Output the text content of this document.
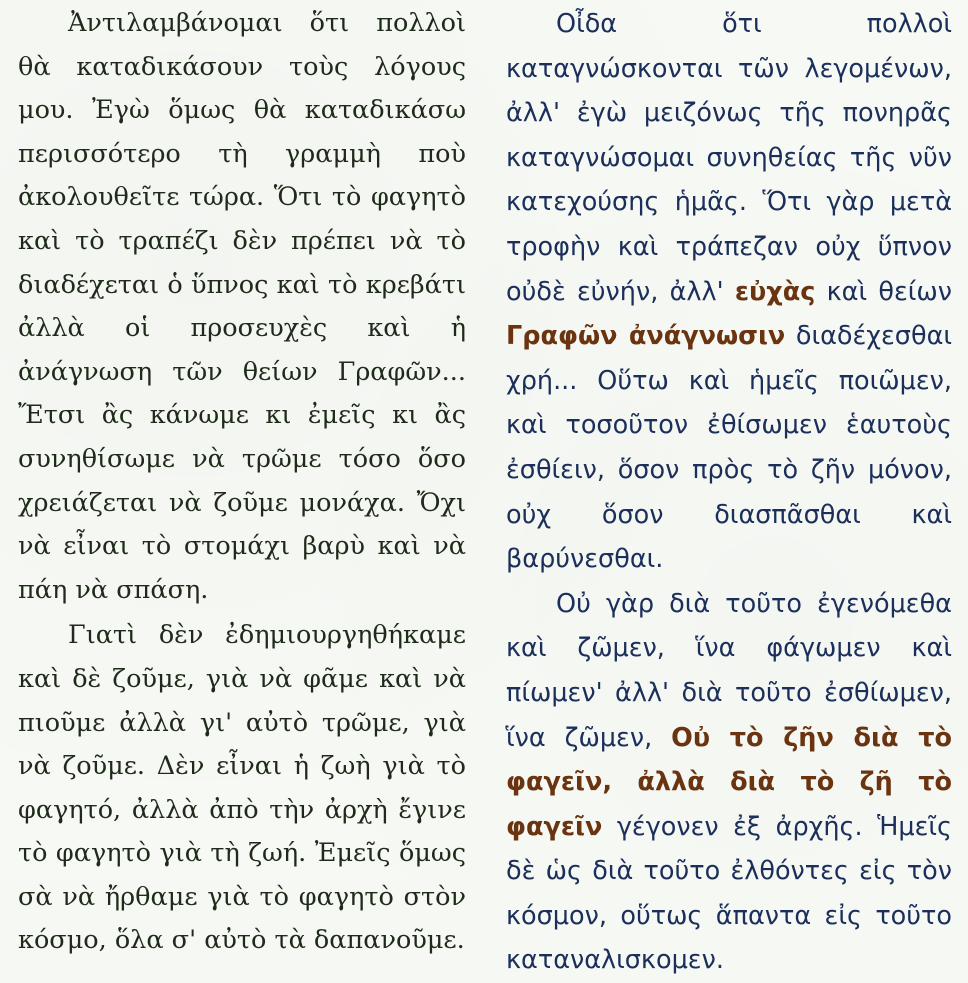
Ἀντιλαμβάνομαι ὅτι πολλοὶ θὰ καταδικάσουν τοὺς λόγους μου. Ἐγὼ ὅμως θὰ καταδικάσω περισσότερο τὴ γραμμὴ ποὺ ἀκολουθεῖτε τώρα. Ὅτι τὸ φαγητὸ καὶ τὸ τραπέζι δὲν πρέπει νὰ τὸ διαδέχεται ὁ ὕπνος καὶ τὸ κρεβάτι ἀλλὰ οἱ προσευχὲς καὶ ἡ ἀνάγνωση τῶν θείων Γραφῶν... Ἔτσι ἂς κάνωμε κι ἐμεῖς κι ἂς συνηθίσωμε νὰ τρῶμε τόσο ὅσο χρειάζεται νὰ ζοῦμε μονάχα. Ὄχι νὰ εἶναι τὸ στομάχι βαρὺ καὶ νὰ πάη νὰ σπάση.

Γιατὶ δὲν ἐδημιουργηθήκαμε καὶ δὲ ζοῦμε, γιὰ νὰ φᾶμε καὶ νὰ πιοῦμε ἀλλὰ γι' αὐτὸ τρῶμε, γιὰ νὰ ζοῦμε. Δὲν εἶναι ἡ ζωὴ γιὰ τὸ φαγητό, ἀλλὰ ἀπὸ τὴν ἀρχὴ ἔγινε τὸ φαγητὸ γιὰ τὴ ζωή. Ἐμεῖς ὅμως σὰ νὰ ἤρθαμε γιὰ τὸ φαγητὸ στὸν κόσμο, ὅλα σ' αὐτὸ τὰ δαπανοῦμε.

Οἶδα ὅτι πολλοὶ καταγνώσκονται τῶν λεγομένων, ἀλλ' ἐγὼ μειζόνως τῆς πονηρᾶς καταγνώσομαι συνηθείας τῆς νῦν κατεχούσης ἡμᾶς. Ὅτι γὰρ μετὰ τροφὴν καὶ τράπεζαν οὐχ ὕπνον οὐδὲ εὐνήν, ἀλλ' εὐχὰς καὶ θείων Γραφῶν ἀνάγνωσιν διαδέχεσθαι χρή... Οὕτω καὶ ἡμεῖς ποιῶμεν, καὶ τοσοῦτον ἐθίσωμεν ἑαυτοὺς ἐσθίειν, ὅσον πρὸς τὸ ζῆν μόνον, οὐχ ὅσον διασπᾶσθαι καὶ βαρύνεσθαι.

Οὐ γὰρ διὰ τοῦτο ἐγενόμεθα καὶ ζῶμεν, ἵνα φάγωμεν καὶ πίωμεν' ἀλλ' διὰ τοῦτο ἐσθίωμεν, ἵνα ζῶμεν, Οὐ τὸ ζῆν διὰ τὸ φαγεῖν, ἀλλὰ διὰ τὸ ζῆ τὸ φαγεῖν γέγονεν ἐξ ἀρχῆς. Ἡμεῖς δὲ ὡς διὰ τοῦτο ἐλθόντες εἰς τὸν κόσμον, οὕτως ἅπαντα εἰς τοῦτο καταναλισκομεν.
